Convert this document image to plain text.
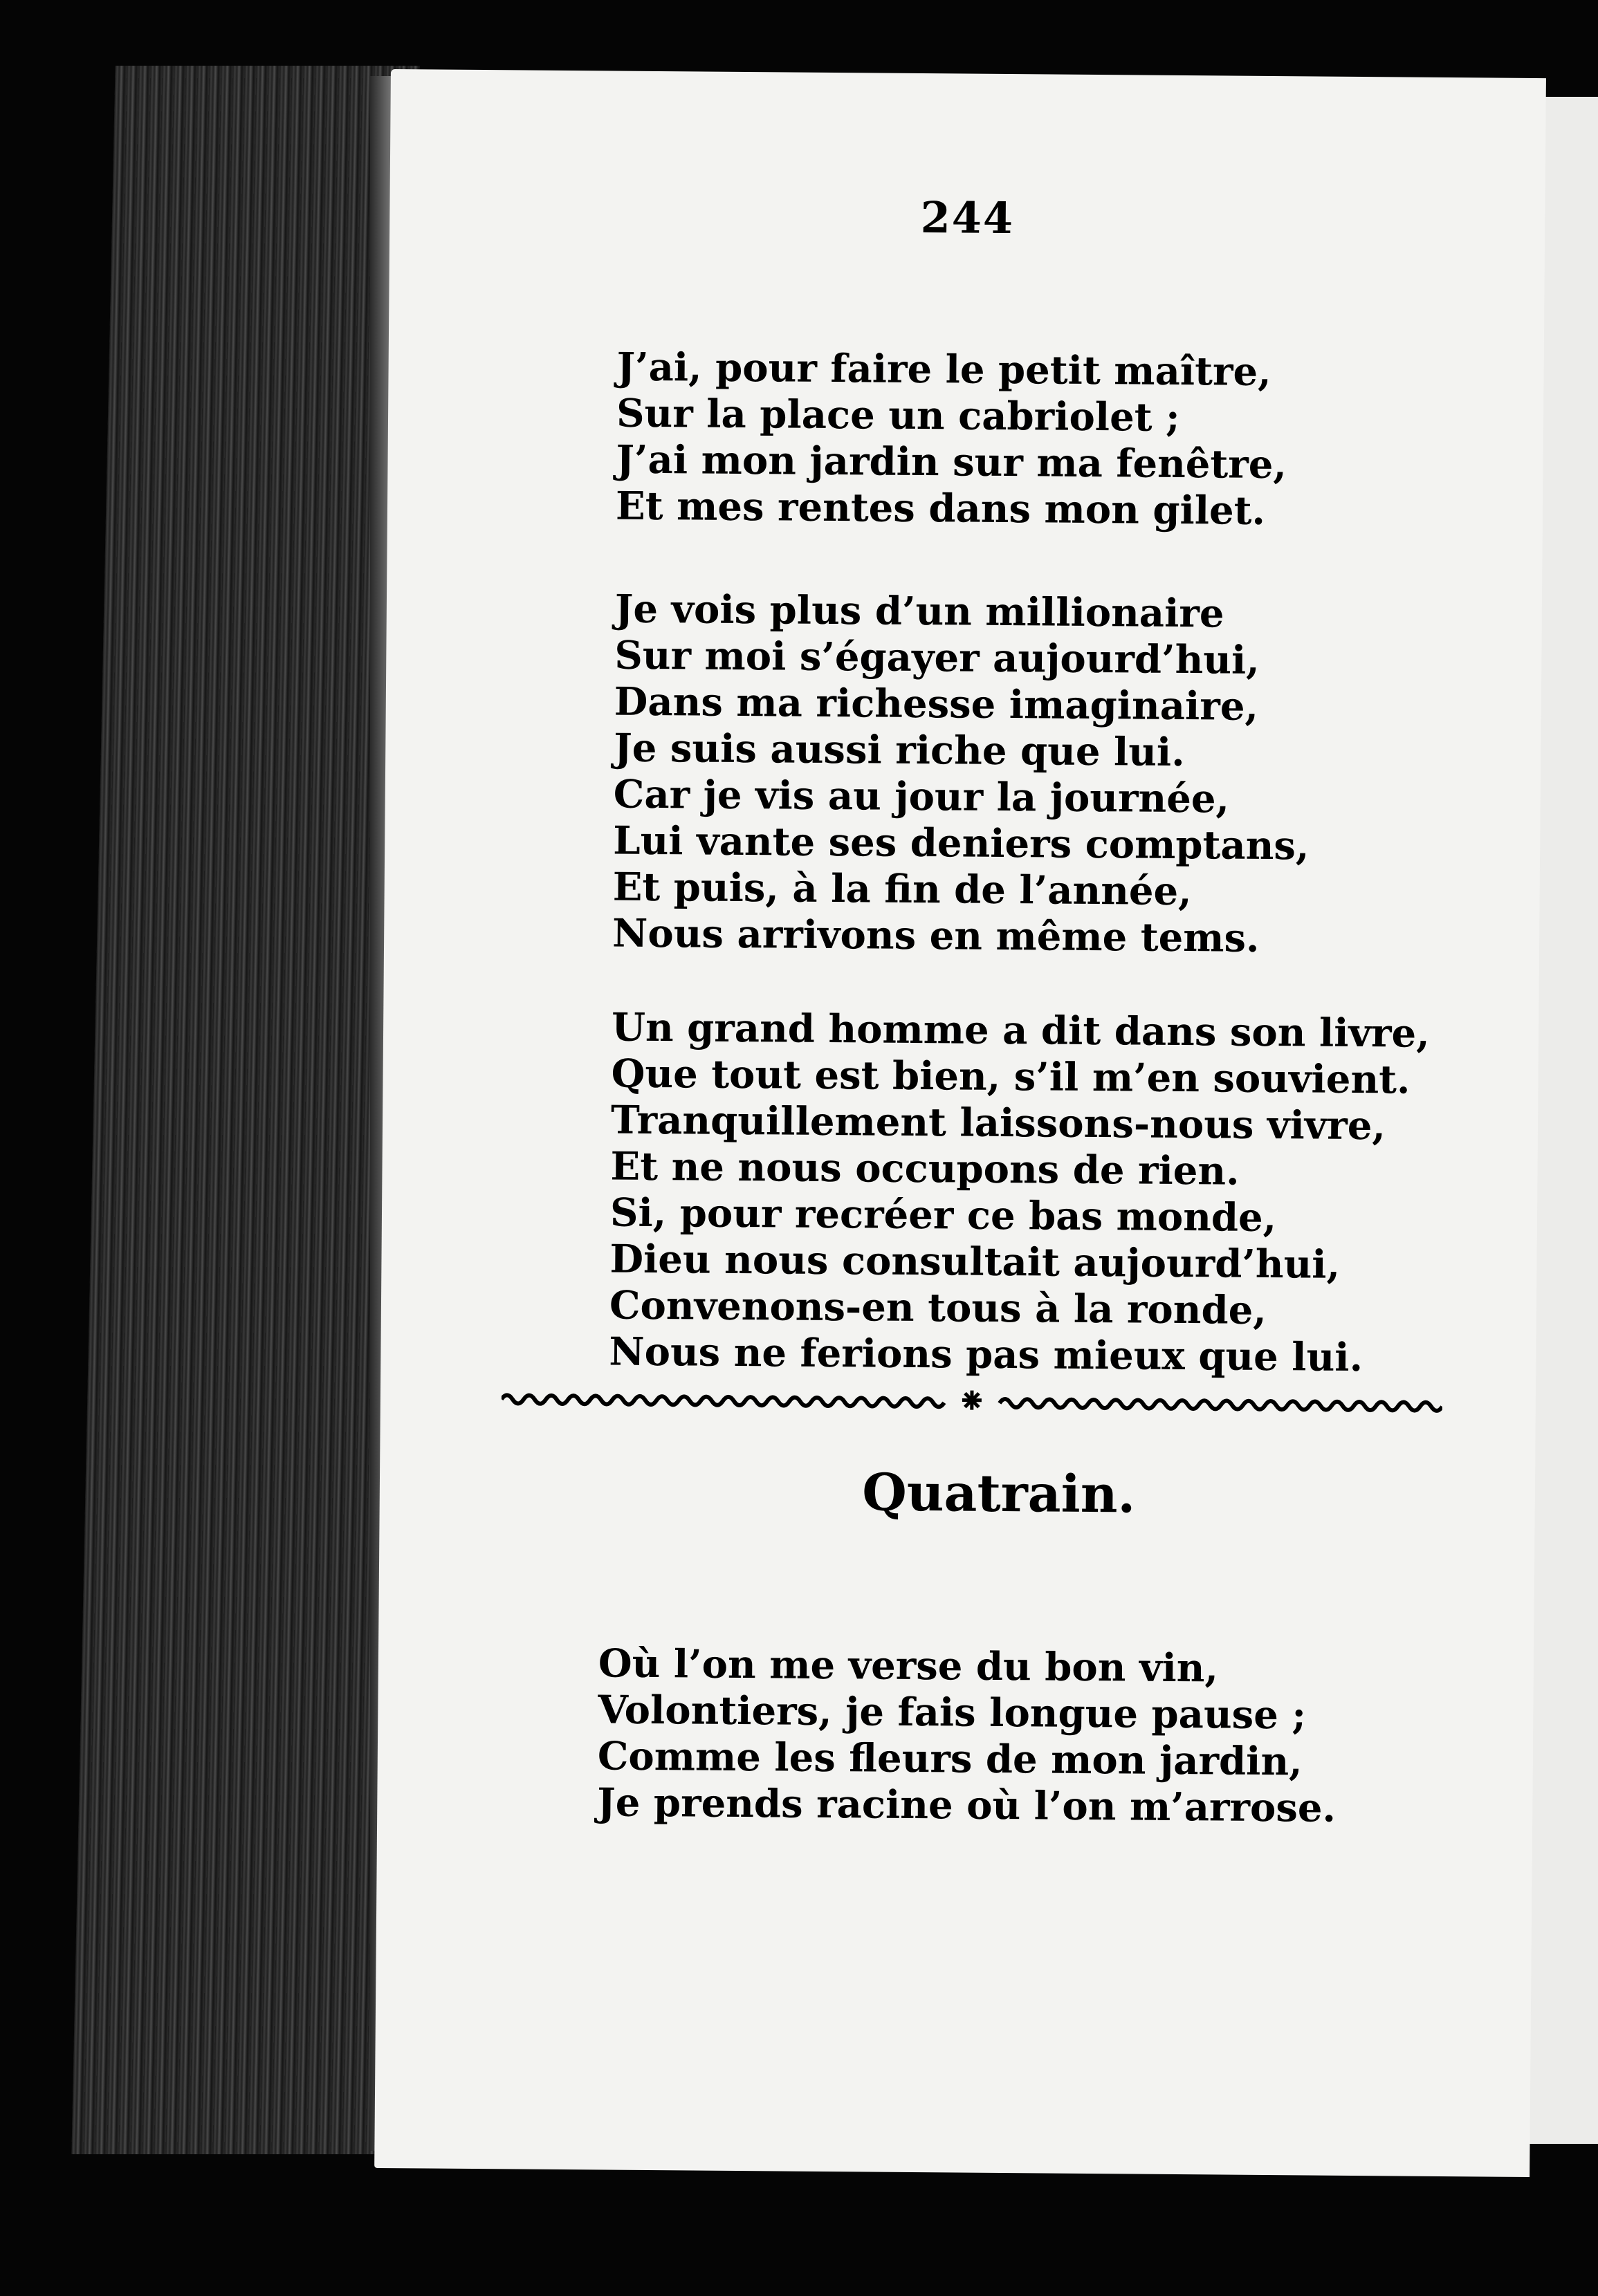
244
J’ai, pour faire le petit maître,
Sur la place un cabriolet ;
J’ai mon jardin sur ma fenêtre,
Et mes rentes dans mon gilet.
Je vois plus d’un millionaire
Sur moi s’égayer aujourd’hui,
Dans ma richesse imaginaire,
Je suis aussi riche que lui.
Car je vis au jour la journée,
Lui vante ses deniers comptans,
Et puis, à la fin de l’année,
Nous arrivons en même tems.
Un grand homme a dit dans son livre,
Que tout est bien, s’il m’en souvient.
Tranquillement laissons-nous vivre,
Et ne nous occupons de rien.
Si, pour recréer ce bas monde,
Dieu nous consultait aujourd’hui,
Convenons-en tous à la ronde,
Nous ne ferions pas mieux que lui.
Quatrain.
Où l’on me verse du bon vin,
Volontiers, je fais longue pause ;
Comme les fleurs de mon jardin,
Je prends racine où l’on m’arrose.
